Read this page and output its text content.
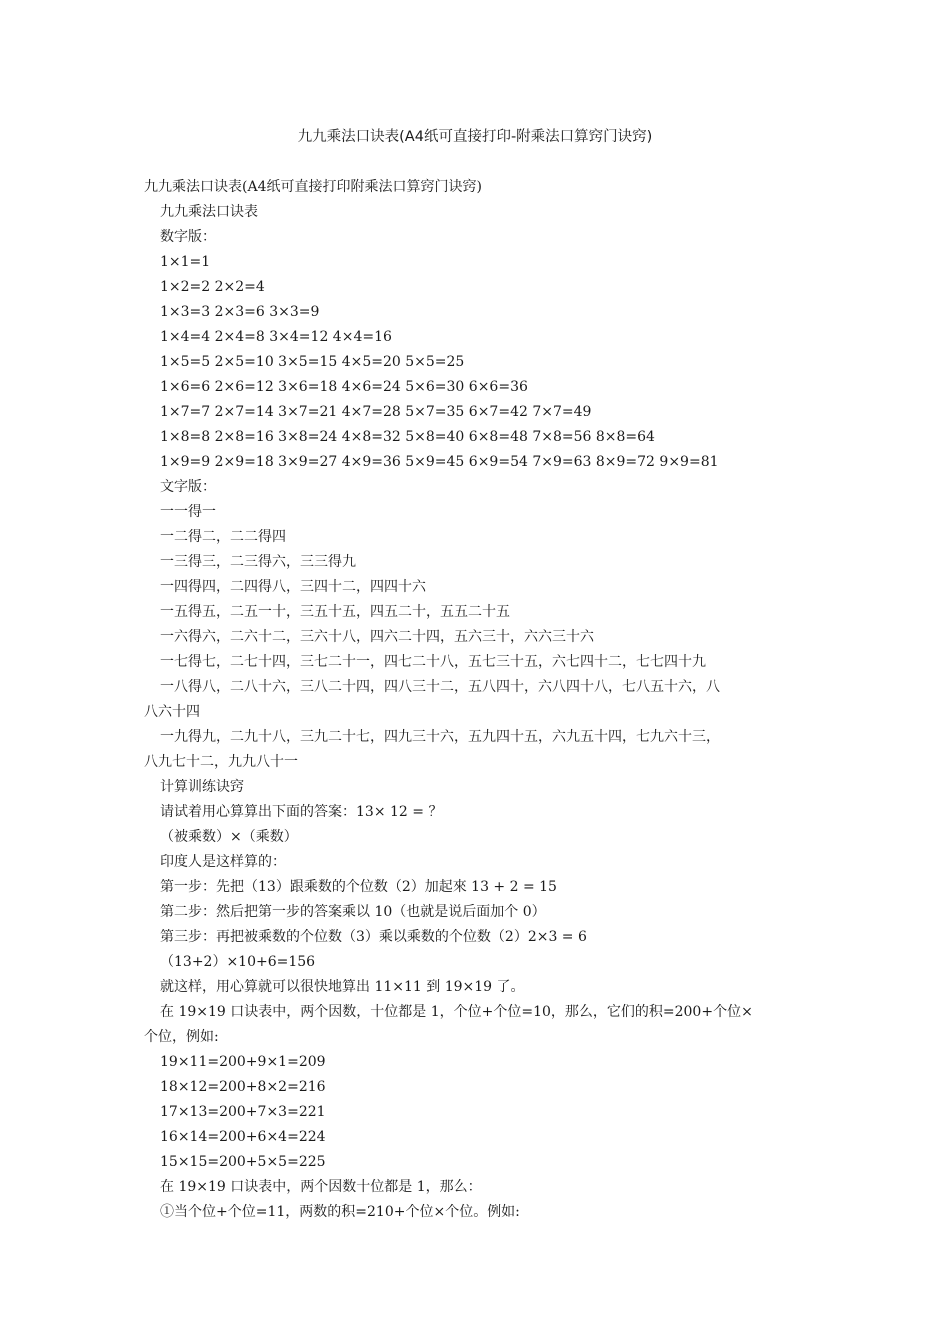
九九乘法口诀表(A4纸可直接打印-附乘法口算窍门诀窍)
九九乘法口诀表(A4纸可直接打印附乘法口算窍门诀窍)
九九乘法口诀表
数字版：
1×1=1
1×2=2 2×2=4
1×3=3 2×3=6 3×3=9
1×4=4 2×4=8 3×4=12 4×4=16
1×5=5 2×5=10 3×5=15 4×5=20 5×5=25
1×6=6 2×6=12 3×6=18 4×6=24 5×6=30 6×6=36
1×7=7 2×7=14 3×7=21 4×7=28 5×7=35 6×7=42 7×7=49
1×8=8 2×8=16 3×8=24 4×8=32 5×8=40 6×8=48 7×8=56 8×8=64
1×9=9 2×9=18 3×9=27 4×9=36 5×9=45 6×9=54 7×9=63 8×9=72 9×9=81
文字版：
一一得一
一二得二，二二得四
一三得三，二三得六，三三得九
一四得四，二四得八，三四十二，四四十六
一五得五，二五一十，三五十五，四五二十，五五二十五
一六得六，二六十二，三六十八，四六二十四，五六三十，六六三十六
一七得七，二七十四，三七二十一，四七二十八，五七三十五，六七四十二，七七四十九
一八得八，二八十六，三八二十四，四八三十二，五八四十，六八四十八，七八五十六，八
八六十四
一九得九，二九十八，三九二十七，四九三十六，五九四十五，六九五十四，七九六十三，
八九七十二，九九八十一
计算训练诀窍
请试着用心算算出下面的答案：13× 12 = ？
（被乘数）×（乘数）
印度人是这样算的：
第一步：先把（13）跟乘数的个位数（2）加起來 13 + 2 = 15
第二步：然后把第一步的答案乘以 10（也就是说后面加个 0）
第三步：再把被乘数的个位数（3）乘以乘数的个位数（2）2×3 = 6
（13+2）×10+6=156
就这样，用心算就可以很快地算出 11×11 到 19×19 了。
在 19×19 口诀表中，两个因数，十位都是 1，个位+个位=10，那么，它们的积=200+个位×
个位，例如:
19×11=200+9×1=209
18×12=200+8×2=216
17×13=200+7×3=221
16×14=200+6×4=224
15×15=200+5×5=225
在 19×19 口诀表中，两个因数十位都是 1，那么：
①当个位+个位=11，两数的积=210+个位×个位。例如:
